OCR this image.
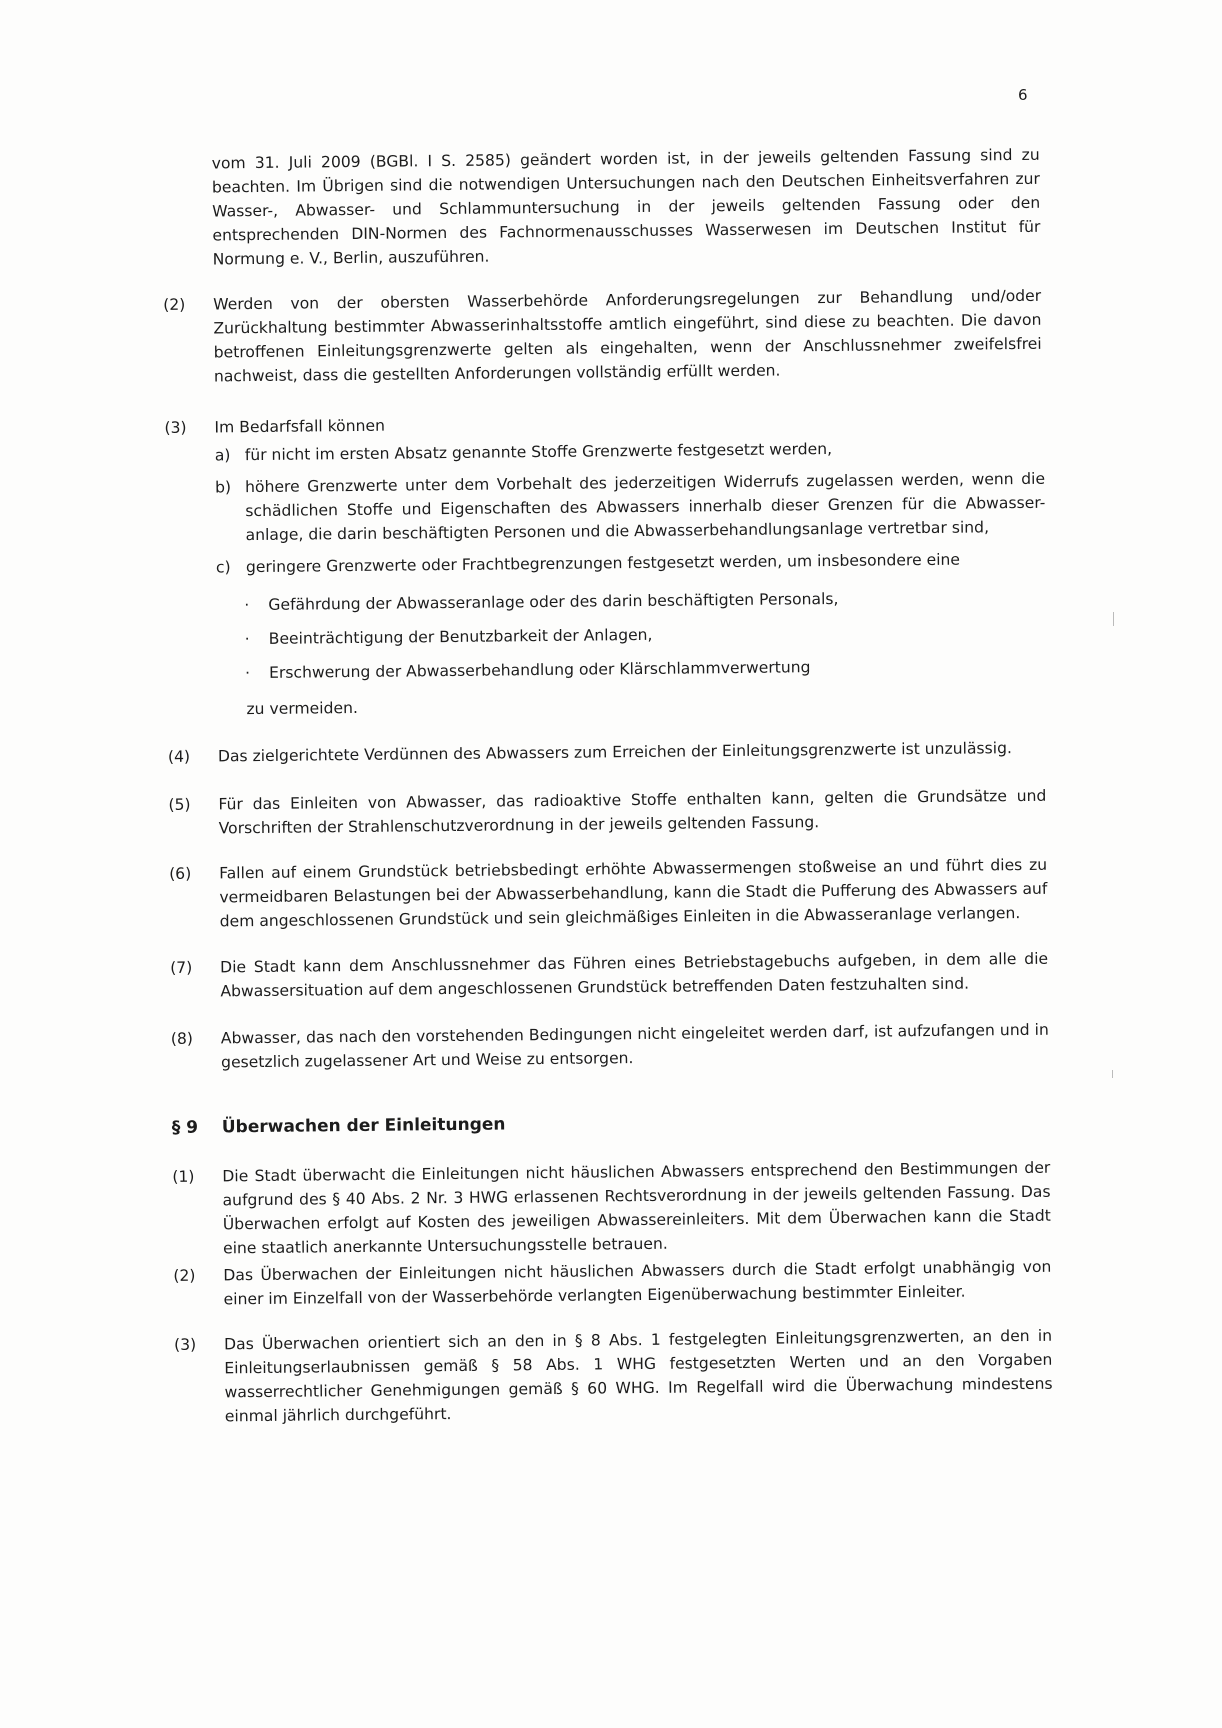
6
vom 31. Juli 2009 (BGBl. I S. 2585) geändert worden ist, in der jeweils geltenden Fassung sind zu beachten. Im Übrigen sind die notwendigen Untersuchungen nach den Deutschen Einheitsverfahren zur Wasser-, Abwasser- und Schlammuntersuchung in der jeweils geltenden Fassung oder den entsprechenden DIN-Normen des Fachnormenausschusses Wasserwesen im Deutschen Institut für Normung e. V., Berlin, auszuführen.
(2)	Werden von der obersten Wasserbehörde Anforderungsregelungen zur Behandlung und/oder Zurückhaltung bestimmter Abwasserinhaltsstoffe amtlich eingeführt, sind diese zu beachten. Die davon betroffenen Einleitungsgrenzwerte gelten als eingehalten, wenn der Anschlussnehmer zweifelsfrei nachweist, dass die gestellten Anforderungen vollständig erfüllt werden.
(3)	Im Bedarfsfall können
a) für nicht im ersten Absatz genannte Stoffe Grenzwerte festgesetzt werden,
b) höhere Grenzwerte unter dem Vorbehalt des jederzeitigen Widerrufs zugelassen werden, wenn die schädlichen Stoffe und Eigenschaften des Abwassers innerhalb dieser Grenzen für die Abwasser-anlage, die darin beschäftigten Personen und die Abwasserbehandlungsanlage vertretbar sind,
c) geringere Grenzwerte oder Frachtbegrenzungen festgesetzt werden, um insbesondere eine
· Gefährdung der Abwasseranlage oder des darin beschäftigten Personals,
· Beeinträchtigung der Benutzbarkeit der Anlagen,
· Erschwerung der Abwasserbehandlung oder Klärschlammverwertung
zu vermeiden.
(4)	Das zielgerichtete Verdünnen des Abwassers zum Erreichen der Einleitungsgrenzwerte ist unzulässig.
(5)	Für das Einleiten von Abwasser, das radioaktive Stoffe enthalten kann, gelten die Grundsätze und Vorschriften der Strahlenschutzverordnung in der jeweils geltenden Fassung.
(6)	Fallen auf einem Grundstück betriebsbedingt erhöhte Abwassermengen stoßweise an und führt dies zu vermeidbaren Belastungen bei der Abwasserbehandlung, kann die Stadt die Pufferung des Abwassers auf dem angeschlossenen Grundstück und sein gleichmäßiges Einleiten in die Abwasseranlage verlangen.
(7)	Die Stadt kann dem Anschlussnehmer das Führen eines Betriebstagebuchs aufgeben, in dem alle die Abwassersituation auf dem angeschlossenen Grundstück betreffenden Daten festzuhalten sind.
(8)	Abwasser, das nach den vorstehenden Bedingungen nicht eingeleitet werden darf, ist aufzufangen und in gesetzlich zugelassener Art und Weise zu entsorgen.
§ 9 Überwachen der Einleitungen
(1)	Die Stadt überwacht die Einleitungen nicht häuslichen Abwassers entsprechend den Bestimmungen der aufgrund des § 40 Abs. 2 Nr. 3 HWG erlassenen Rechtsverordnung in der jeweils geltenden Fassung. Das Überwachen erfolgt auf Kosten des jeweiligen Abwassereinleiters. Mit dem Überwachen kann die Stadt eine staatlich anerkannte Untersuchungsstelle betrauen.
(2)	Das Überwachen der Einleitungen nicht häuslichen Abwassers durch die Stadt erfolgt unabhängig von einer im Einzelfall von der Wasserbehörde verlangten Eigenüberwachung bestimmter Einleiter.
(3)	Das Überwachen orientiert sich an den in § 8 Abs. 1 festgelegten Einleitungsgrenzwerten, an den in Einleitungserlaubnissen gemäß § 58 Abs. 1 WHG festgesetzten Werten und an den Vorgaben wasserrechtlicher Genehmigungen gemäß § 60 WHG. Im Regelfall wird die Überwachung mindestens einmal jährlich durchgeführt.
